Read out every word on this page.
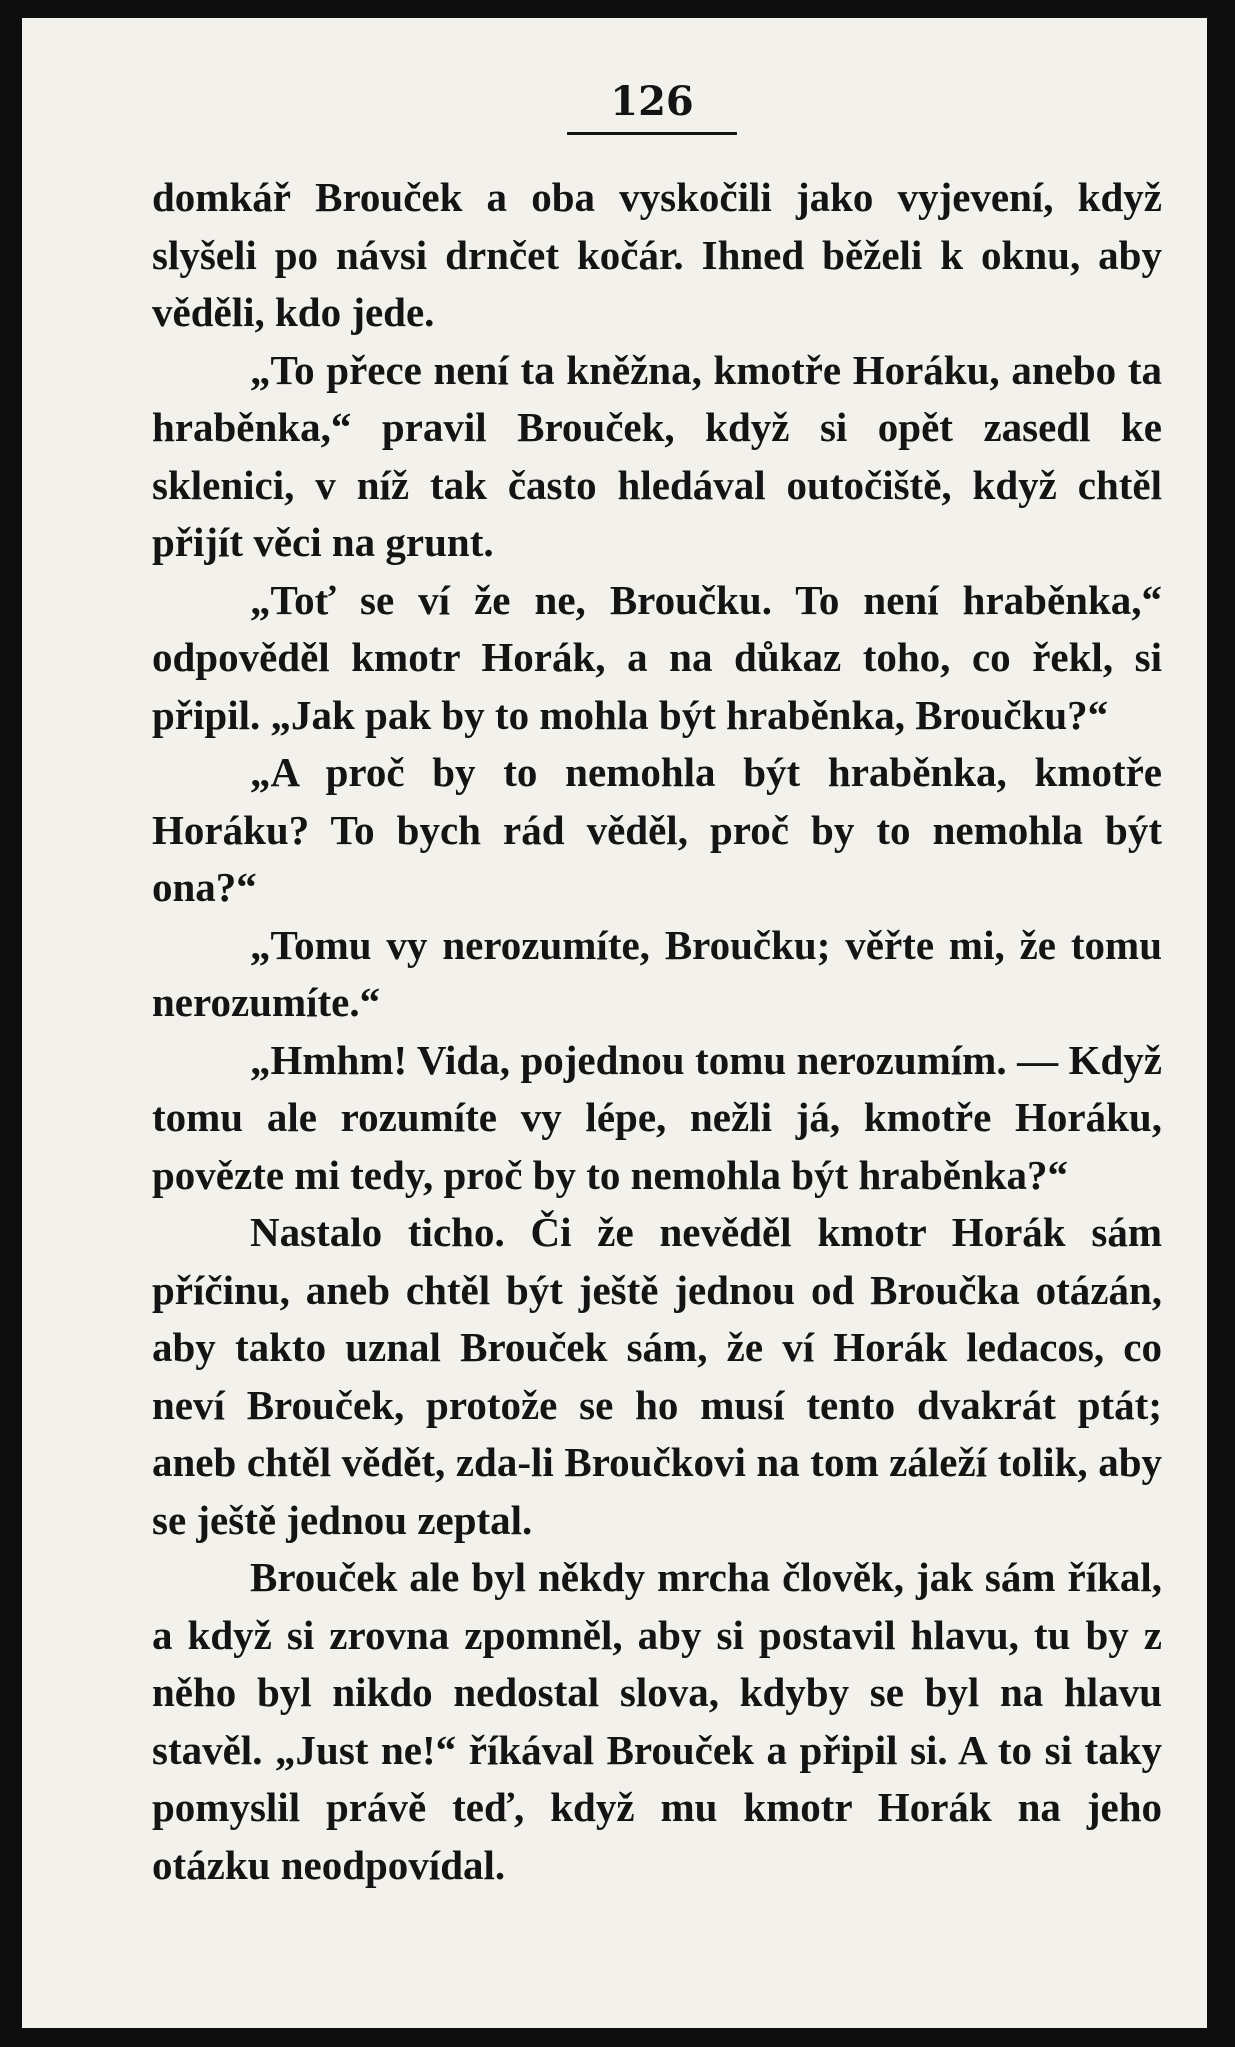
126

domkář Brouček a oba vyskočili jako vyjevení, když slyšeli po návsi drnčet kočár. Ihned běželi k oknu, aby věděli, kdo jede.

„To přece není ta kněžna, kmotře Horáku, anebo ta hraběnka,“ pravil Brouček, když si opět zasedl ke sklenici, v níž tak často hledával outočiště, když chtěl přijít věci na grunt.

„Toť se ví že ne, Broučku. To není hraběnka,“ odpověděl kmotr Horák, a na důkaz toho, co řekl, si připil. „Jak pak by to mohla být hraběnka, Broučku?“

„A proč by to nemohla být hraběnka, kmotře Horáku? To bych rád věděl, proč by to nemohla být ona?“

„Tomu vy nerozumíte, Broučku; věřte mi, že tomu nerozumíte.“

„Hmhm! Vida, pojednou tomu nerozumím. — Když tomu ale rozumíte vy lépe, nežli já, kmotře Horáku, povězte mi tedy, proč by to nemohla být hraběnka?“

Nastalo ticho. Či že nevěděl kmotr Horák sám příčinu, aneb chtěl být ještě jednou od Broučka otázán, aby takto uznal Brouček sám, že ví Horák ledacos, co neví Brouček, protože se ho musí tento dvakrát ptát; aneb chtěl vědět, zda-li Broučkovi na tom záleží tolik, aby se ještě jednou zeptal.

Brouček ale byl někdy mrcha člověk, jak sám říkal, a když si zrovna zpomněl, aby si postavil hlavu, tu by z něho byl nikdo nedostal slova, kdyby se byl na hlavu stavěl. „Just ne!“ říkával Brouček a připil si. A to si taky pomyslil právě teď, když mu kmotr Horák na jeho otázku neodpovídal.
